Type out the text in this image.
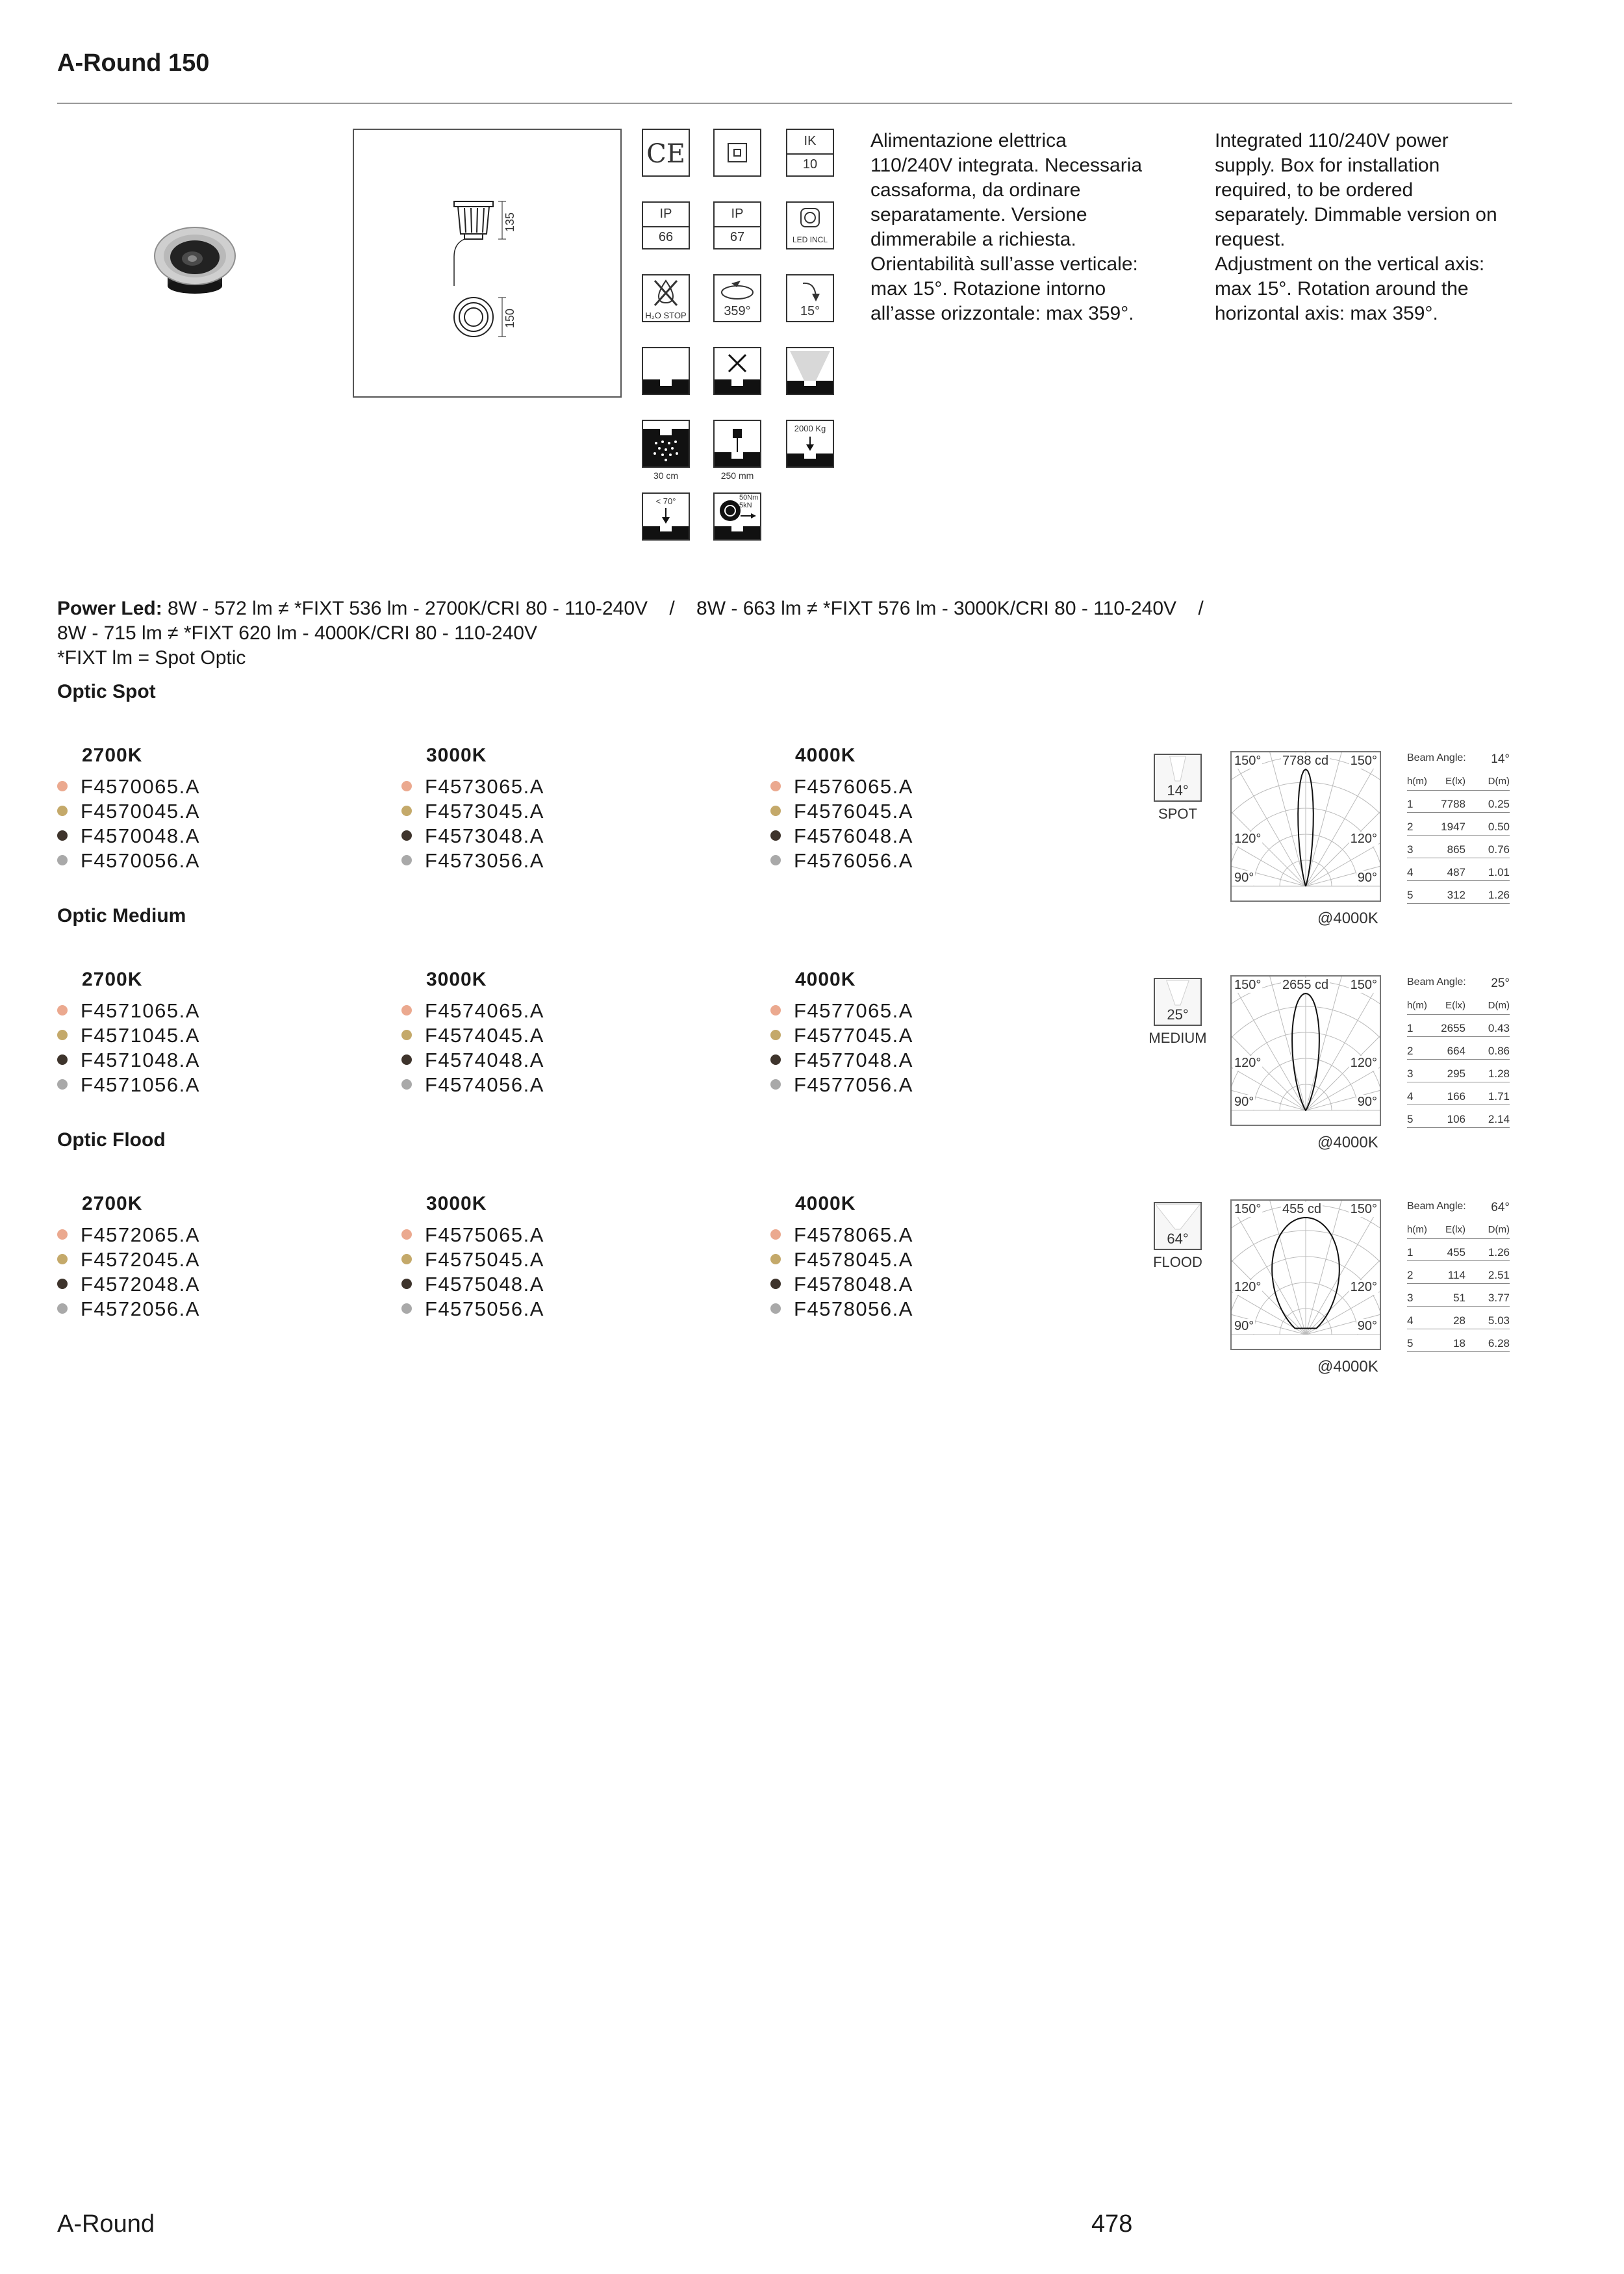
A-Round 150
135
150
CE	IK
10
IP
66
IP
67	LED INCL
H₂O STOP	359°	15°
30 cm	250 mm
2000 Kg
< 70°	50Nm
5kN
Alimentazione elettrica
110/240V integrata. Necessaria
cassaforma, da ordinare
separatamente. Versione
dimmerabile a richiesta.
Orientabilità sull’asse verticale:
max 15°. Rotazione intorno
all’asse orizzontale: max 359°.
Integrated 110/240V power
supply. Box for installation
required, to be ordered
separately. Dimmable version on
request.
Adjustment on the vertical axis:
max 15°. Rotation around the
horizontal axis: max 359°.
Power Led: 8W - 572 lm ≠ *FIXT 536 lm - 2700K/CRI 80 - 110-240V    /    8W - 663 lm ≠ *FIXT 576 lm - 3000K/CRI 80 - 110-240V    /
8W - 715 lm ≠ *FIXT 620 lm - 4000K/CRI 80 - 110-240V
*FIXT lm = Spot Optic
Optic Spot
2700K
F4570065.A
F4570045.A
F4570048.A
F4570056.A
3000K
F4573065.A
F4573045.A
F4573048.A
F4573056.A
4000K
F4576065.A
F4576045.A
F4576048.A
F4576056.A
14°
SPOT
150° 7788 cd 150°
120°	120°
90°	90°
@4000K
Beam Angle: 14°
h(m) E(lx) D(m)
1	7788 0.25
2	1947 0.50
3	865 0.76
4	487 1.01
5	312 1.26
Optic Medium
2700K
F4571065.A
F4571045.A
F4571048.A
F4571056.A
3000K
F4574065.A
F4574045.A
F4574048.A
F4574056.A
4000K
F4577065.A
F4577045.A
F4577048.A
F4577056.A
25°
MEDIUM
150° 2655 cd 150°
120°	120°
90°	90°
@4000K
Beam Angle: 25°
h(m) E(lx) D(m)
1	2655 0.43
2	664 0.86
3	295 1.28
4	166 1.71
5	106 2.14
Optic Flood
2700K
F4572065.A
F4572045.A
F4572048.A
F4572056.A
3000K
F4575065.A
F4575045.A
F4575048.A
F4575056.A
4000K
F4578065.A
F4578045.A
F4578048.A
F4578056.A
64°
FLOOD
150° 455 cd 150°
120°	120°
90°	90°
@4000K
Beam Angle: 64°
h(m) E(lx) D(m)
1	455 1.26
2	114 2.51
3	51 3.77
4	28 5.03
5	18 6.28
A-Round	478
